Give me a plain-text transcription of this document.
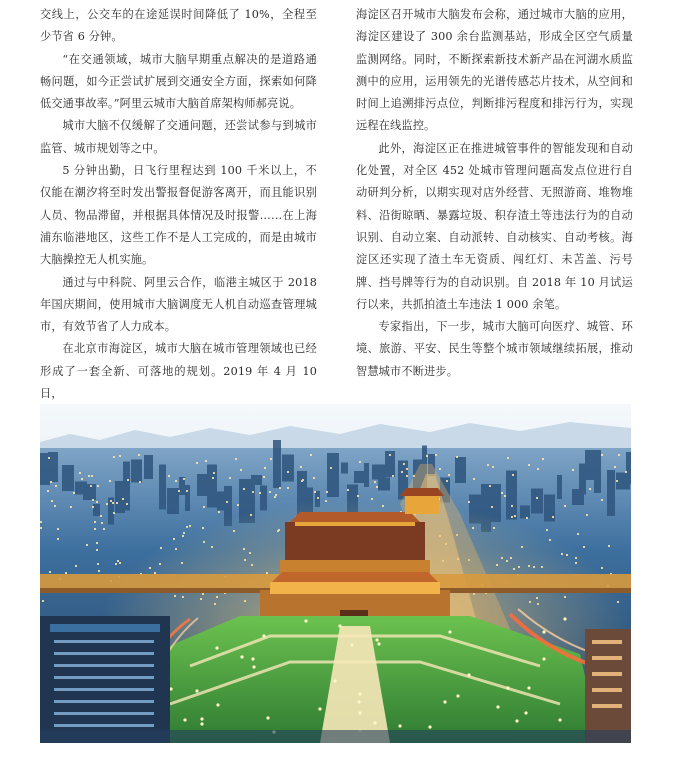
交线上，公交车的在途延误时间降低了 10%，全程至少节省 6 分钟。

“在交通领域，城市大脑早期重点解决的是道路通畅问题，如今正尝试扩展到交通安全方面，探索如何降低交通事故率。”阿里云城市大脑首席架构师郝亮说。

城市大脑不仅缓解了交通问题，还尝试参与到城市监管、城市规划等之中。

5 分钟出勤，日飞行里程达到 100 千米以上，不仅能在潮汐将至时发出警报督促游客离开，而且能识别人员、物品滞留，并根据具体情况及时报警……在上海浦东临港地区，这些工作不是人工完成的，而是由城市大脑操控无人机实施。

通过与中科院、阿里云合作，临港主城区于 2018 年国庆期间，使用城市大脑调度无人机自动巡查管理城市，有效节省了人力成本。

在北京市海淀区，城市大脑在城市管理领域也已经形成了一套全新、可落地的规划。2019 年 4 月 10 日，

海淀区召开城市大脑发布会称，通过城市大脑的应用，海淀区建设了 300 余台监测基站，形成全区空气质量监测网络。同时，不断探索新技术新产品在河湖水质监测中的应用，运用领先的光谱传感芯片技术，从空间和时间上追溯排污点位，判断排污程度和排污行为，实现远程在线监控。

此外，海淀区正在推进城管事件的智能发现和自动化处置，对全区 452 处城市管理问题高发点位进行自动研判分析，以期实现对店外经营、无照游商、堆物堆料、沿街晾晒、暴露垃圾、积存渣土等违法行为的自动识别、自动立案、自动派转、自动核实、自动考核。海淀区还实现了渣土车无资质、闯红灯、未苫盖、污号牌、挡号牌等行为的自动识别。自 2018 年 10 月试运行以来，共抓拍渣土车违法 1 000 余笔。

专家指出，下一步，城市大脑可向医疗、城管、环境、旅游、平安、民生等整个城市领域继续拓展，推动智慧城市不断进步。
